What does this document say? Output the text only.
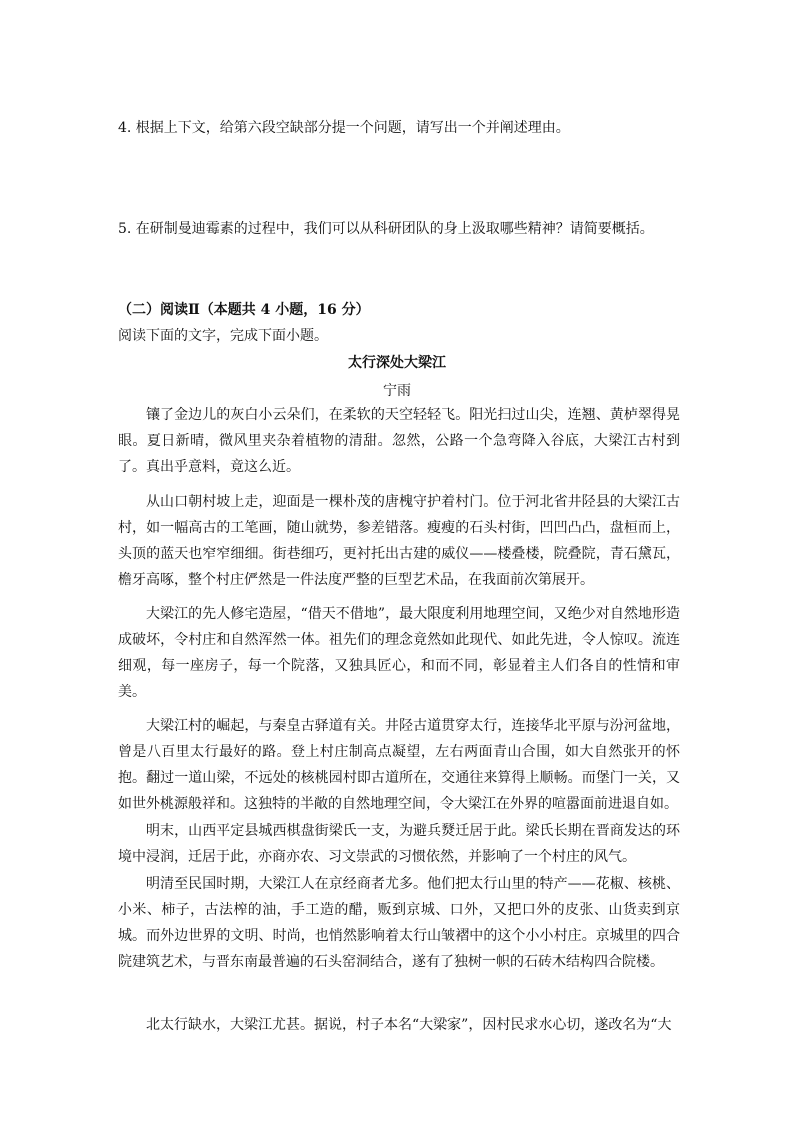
4. 根据上下文，给第六段空缺部分提一个问题，请写出一个并阐述理由。
5. 在研制曼迪霉素的过程中，我们可以从科研团队的身上汲取哪些精神？请简要概括。
（二）阅读Ⅱ（本题共 4 小题，16 分）
阅读下面的文字，完成下面小题。
太行深处大梁江
宁雨

镶了金边儿的灰白小云朵们，在柔软的天空轻轻飞。阳光扫过山尖，连翘、黄栌翠得晃眼。夏日新晴，微风里夹杂着植物的清甜。忽然，公路一个急弯降入谷底，大梁江古村到了。真出乎意料，竟这么近。

从山口朝村坡上走，迎面是一棵朴茂的唐槐守护着村门。位于河北省井陉县的大梁江古村，如一幅高古的工笔画，随山就势，参差错落。瘦瘦的石头村街，凹凹凸凸，盘桓而上，头顶的蓝天也窄窄细细。街巷细巧，更衬托出古建的威仪——楼叠楼，院叠院，青石黛瓦，檐牙高啄，整个村庄俨然是一件法度严整的巨型艺术品，在我面前次第展开。

大梁江的先人修宅造屋，“借天不借地”，最大限度利用地理空间，又绝少对自然地形造成破坏，令村庄和自然浑然一体。祖先们的理念竟然如此现代、如此先进，令人惊叹。流连细观，每一座房子，每一个院落，又独具匠心，和而不同，彰显着主人们各自的性情和审美。

大梁江村的崛起，与秦皇古驿道有关。井陉古道贯穿太行，连接华北平原与汾河盆地，曾是八百里太行最好的路。登上村庄制高点凝望，左右两面青山合围，如大自然张开的怀抱。翻过一道山梁，不远处的核桃园村即古道所在，交通往来算得上顺畅。而堡门一关，又如世外桃源般祥和。这独特的半敞的自然地理空间，令大梁江在外界的喧嚣面前进退自如。

明末，山西平定县城西棋盘街梁氏一支，为避兵燹迁居于此。梁氏长期在晋商发达的环境中浸润，迁居于此，亦商亦农、习文崇武的习惯依然，并影响了一个村庄的风气。

明清至民国时期，大梁江人在京经商者尤多。他们把太行山里的特产——花椒、核桃、小米、柿子，古法榨的油，手工造的醋，贩到京城、口外，又把口外的皮张、山货卖到京城。而外边世界的文明、时尚，也悄然影响着太行山皱褶中的这个小小村庄。京城里的四合院建筑艺术，与晋东南最普遍的石头窑洞结合，遂有了独树一帜的石砖木结构四合院楼。

北太行缺水，大梁江尤甚。据说，村子本名“大梁家”，因村民求水心切，遂改名为“大
